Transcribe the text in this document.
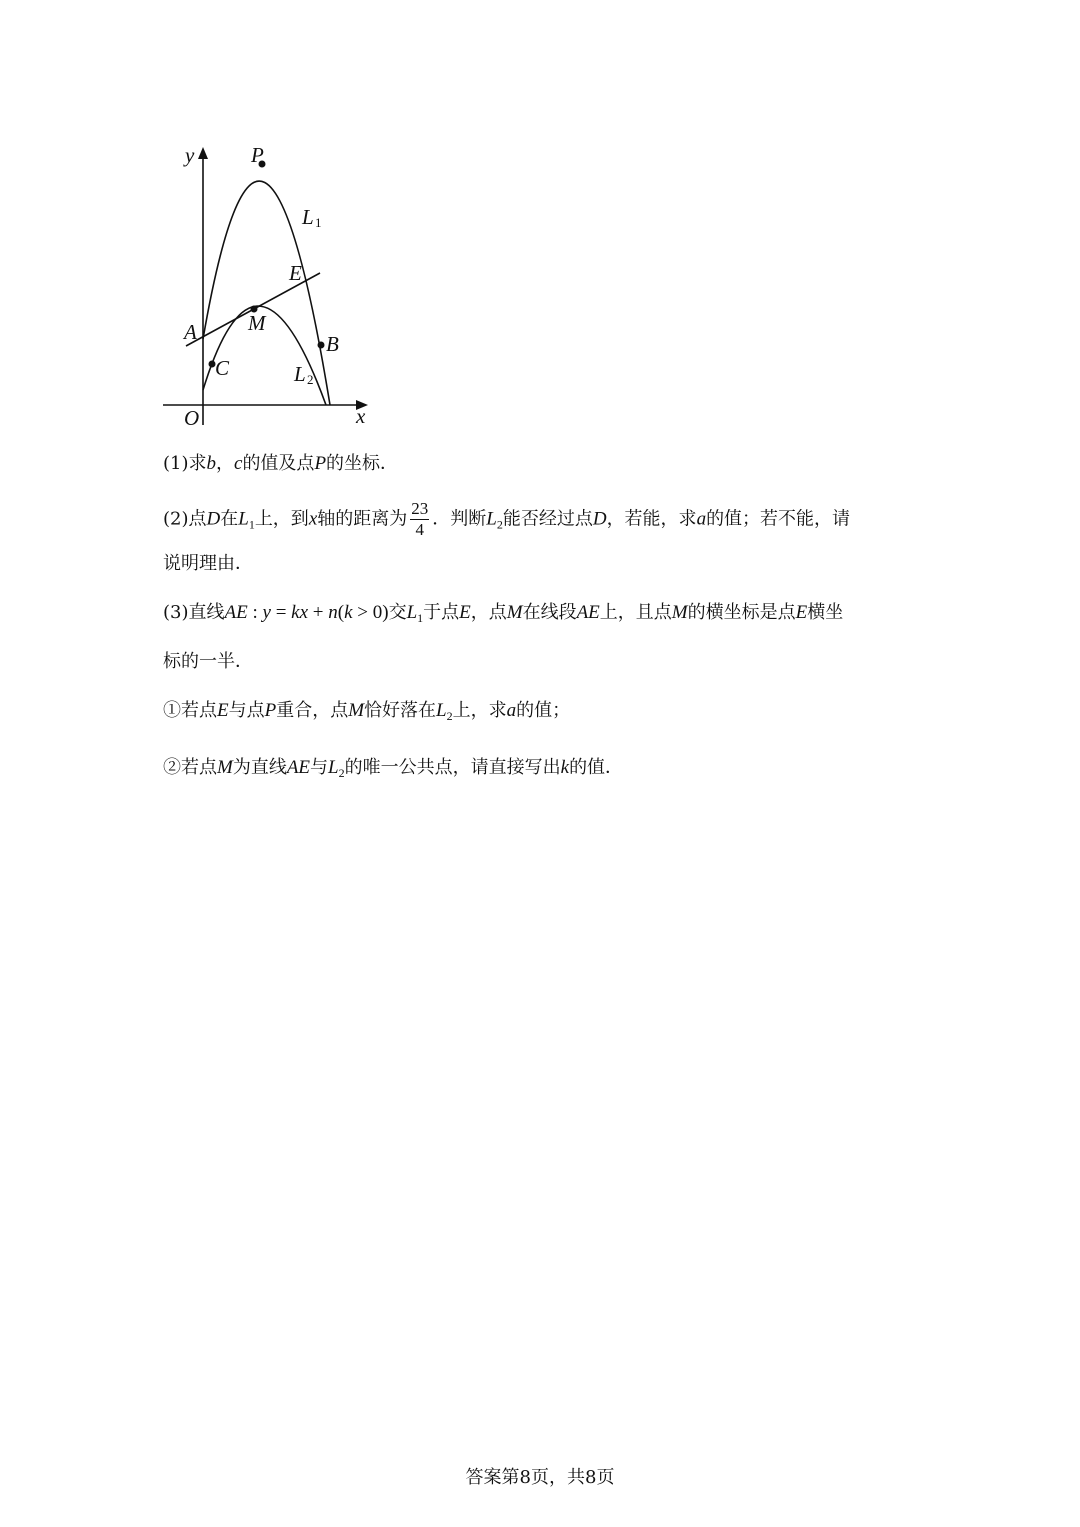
y
x
O
P
L 1
E
A M
B
C	L 2
(1)求b，c的值及点P的坐标．
(2)点D在$L_1$上，到x轴的距离为 $\frac{23}{4}$ ．判断$L_2$能否经过点D，若能，求a的值；若不能，请
说明理由．
(3)直线AE : y = kx + n(k > 0)交$L_1$于点E，点M在线段AE上，且点M的横坐标是点E横坐
标的一半．
①若点E与点P重合，点M恰好落在$L_2$上，求a的值；
②若点M为直线AE与$L_2$的唯一公共点，请直接写出k的值．
答案第8页，共8页
